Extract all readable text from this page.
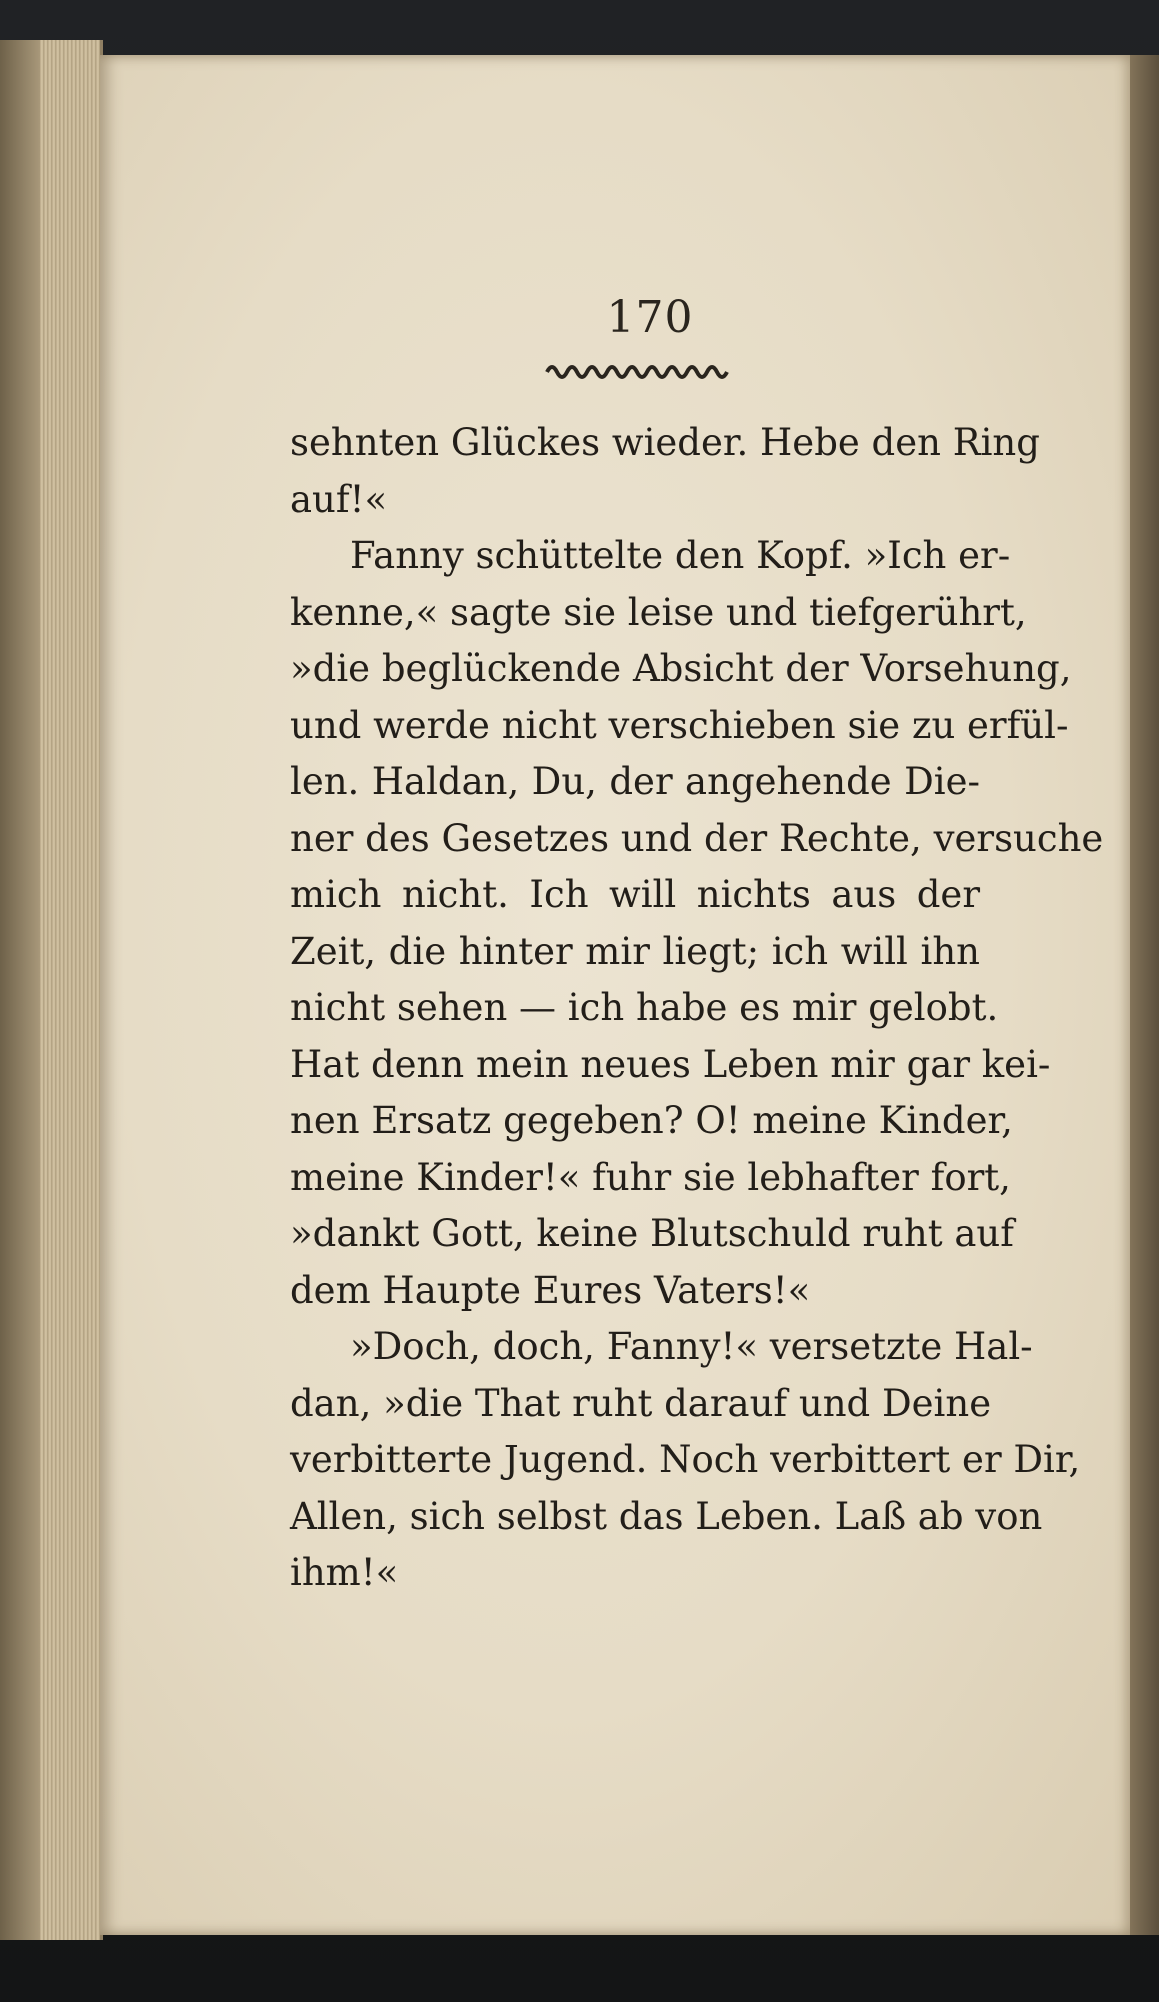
170
sehnten Glückes wieder. Hebe den Ring
auf!«
Fanny schüttelte den Kopf. »Ich er-
kenne,« sagte sie leise und tiefgerührt,
»die beglückende Absicht der Vorsehung,
und werde nicht verschieben sie zu erfül-
len. Haldan, Du, der angehende Die-
ner des Gesetzes und der Rechte, versuche
mich nicht. Ich will nichts aus der
Zeit, die hinter mir liegt; ich will ihn
nicht sehen — ich habe es mir gelobt.
Hat denn mein neues Leben mir gar kei-
nen Ersatz gegeben? O! meine Kinder,
meine Kinder!« fuhr sie lebhafter fort,
»dankt Gott, keine Blutschuld ruht auf
dem Haupte Eures Vaters!«
»Doch, doch, Fanny!« versetzte Hal-
dan, »die That ruht darauf und Deine
verbitterte Jugend. Noch verbittert er Dir,
Allen, sich selbst das Leben. Laß ab von
ihm!«
